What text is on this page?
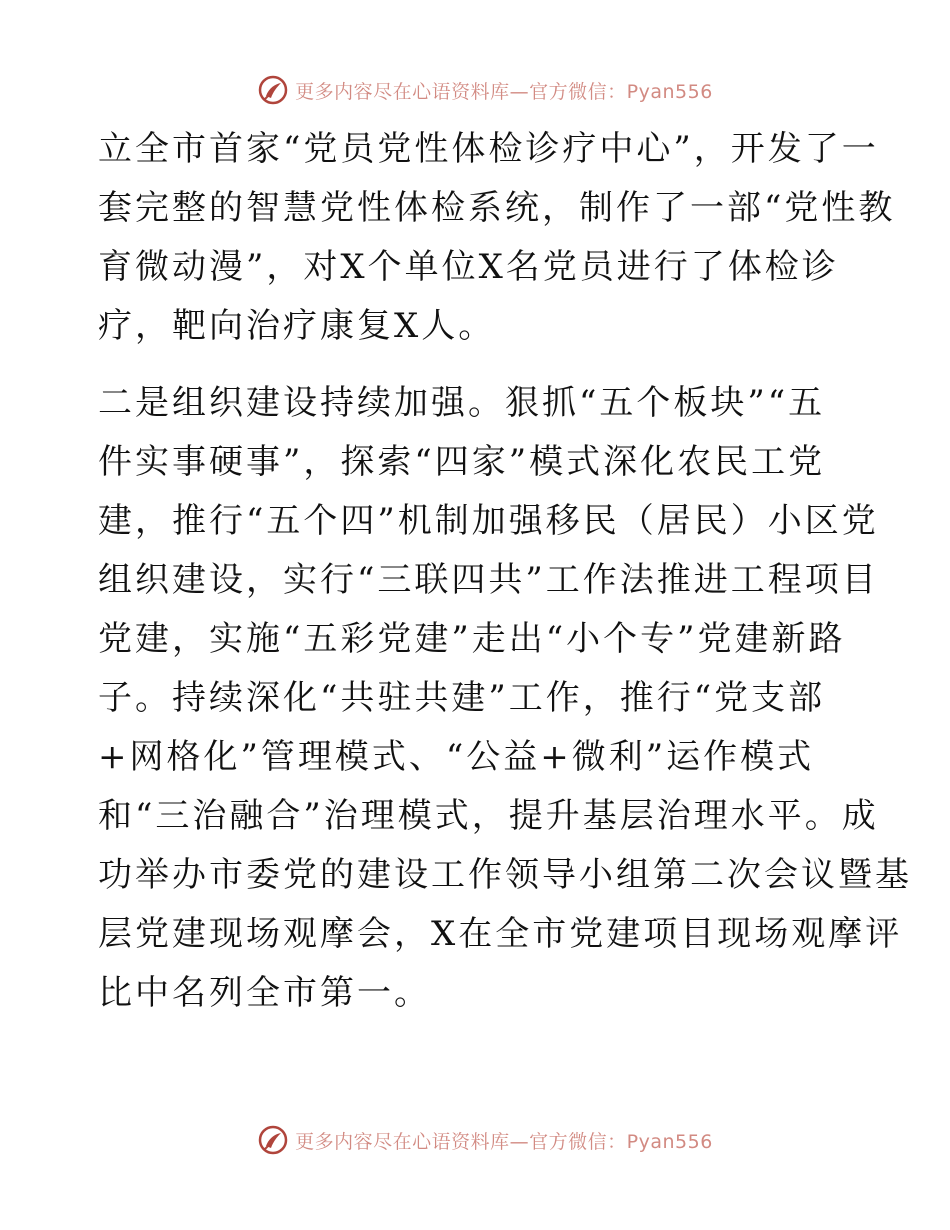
更多内容尽在心语资料库—官方微信：Pyan556
立全市首家“党员党性体检诊疗中心”，开发了一
套完整的智慧党性体检系统，制作了一部“党性教
育微动漫”，对X个单位X名党员进行了体检诊
疗，靶向治疗康复X人。
二是组织建设持续加强。狠抓“五个板块”“五
件实事硬事”，探索“四家”模式深化农民工党
建，推行“五个四”机制加强移民（居民）小区党
组织建设，实行“三联四共”工作法推进工程项目
党建，实施“五彩党建”走出“小个专”党建新路
子。持续深化“共驻共建”工作，推行“党支部
+网格化”管理模式、“公益+微利”运作模式
和“三治融合”治理模式，提升基层治理水平。成
功举办市委党的建设工作领导小组第二次会议暨基
层党建现场观摩会，X在全市党建项目现场观摩评
比中名列全市第一。
更多内容尽在心语资料库—官方微信：Pyan556
